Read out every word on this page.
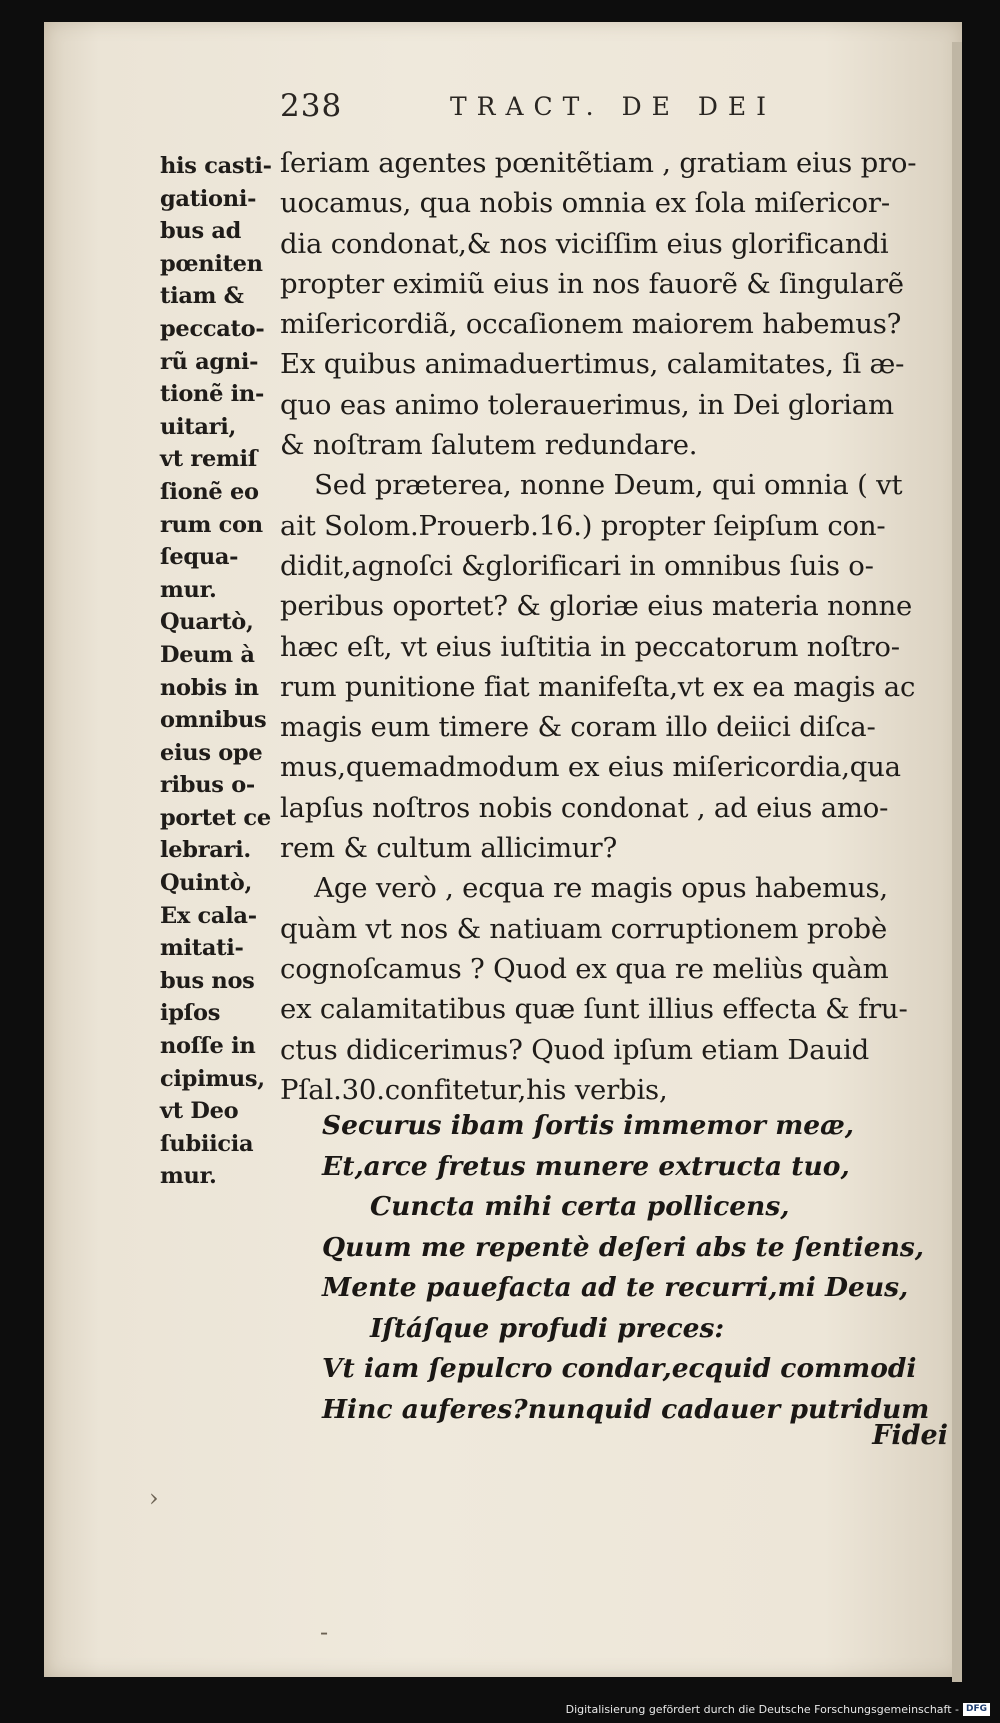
238	TRACT. DE DEI
his casti-
gationi-
bus ad
pœniten
tiam &
peccato-
rũ agni-
tionẽ in-
uitari,
vt remiſ
ſionẽ eo
rum con
ſequa-
mur.
Quartò,
Deum à
nobis in
omnibus
eius ope
ribus o-
portet ce
lebrari.
Quintò,
Ex cala-
mitati-
bus nos
ipſos
noſſe in
cipimus,
vt Deo
ſubiicia
mur.
ſeriam agentes pœnitẽtiam , gratiam eius pro-
uocamus, qua nobis omnia ex ſola miſericor-
dia condonat,& nos viciſſim eius glorificandi
propter eximiũ eius in nos fauorẽ & ſingularẽ
miſericordiã, occaſionem maiorem habemus?
Ex quibus animaduertimus, calamitates, ſi æ-
quo eas animo tolerauerimus, in Dei gloriam
& noſtram ſalutem redundare.
Sed præterea, nonne Deum, qui omnia ( vt
ait Solom.Prouerb.16.) propter ſeipſum con-
didit,agnoſci &glorificari in omnibus ſuis o-
peribus oportet? & gloriæ eius materia nonne
hæc eſt, vt eius iuſtitia in peccatorum noſtro-
rum punitione fiat manifeſta,vt ex ea magis ac
magis eum timere & coram illo deiici diſca-
mus,quemadmodum ex eius miſericordia,qua
lapſus noſtros nobis condonat , ad eius amo-
rem & cultum allicimur?
Age verò , ecqua re magis opus habemus,
quàm vt nos & natiuam corruptionem probè
cognoſcamus ? Quod ex qua re meliùs quàm
ex calamitatibus quæ ſunt illius effecta & fru-
ctus didicerimus? Quod ipſum etiam Dauid
Pſal.30.confitetur,his verbis,
Securus ibam ſortis immemor meæ,
Et,arce fretus munere extructa tuo,
Cuncta mihi certa pollicens,
Quum me repentè deſeri abs te ſentiens,
Mente pauefacta ad te recurri,mi Deus,
Iſtáſque profudi preces:
Vt iam ſepulcro condar,ecquid commodi
Hinc auferes?nunquid cadauer putridum
Fidei
›
‐
Digitalisierung gefördert durch die Deutsche Forschungsgemeinschaft - DFG
